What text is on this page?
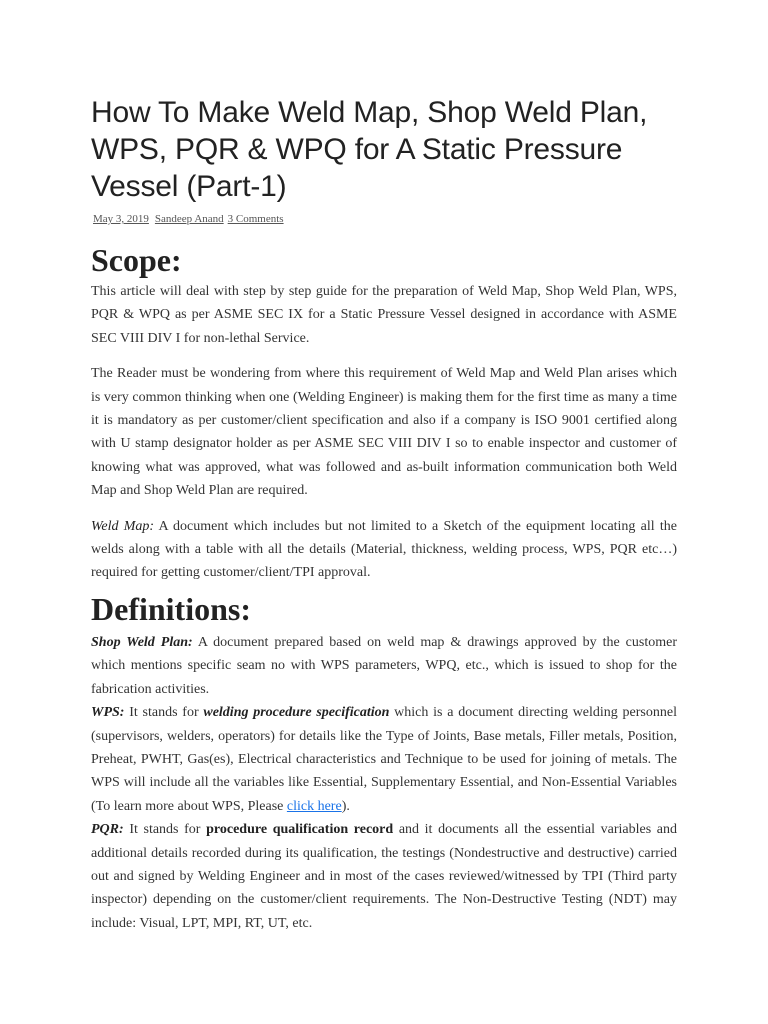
How To Make Weld Map, Shop Weld Plan, WPS, PQR & WPQ for A Static Pressure Vessel (Part-1)
May 3, 2019 Sandeep Anand 3 Comments
Scope:

This article will deal with step by step guide for the preparation of Weld Map, Shop Weld Plan, WPS, PQR & WPQ as per ASME SEC IX for a Static Pressure Vessel designed in accordance with ASME SEC VIII DIV I for non-lethal Service.

The Reader must be wondering from where this requirement of Weld Map and Weld Plan arises which is very common thinking when one (Welding Engineer) is making them for the first time as many a time it is mandatory as per customer/client specification and also if a company is ISO 9001 certified along with U stamp designator holder as per ASME SEC VIII DIV I so to enable inspector and customer of knowing what was approved, what was followed and as-built information communication both Weld Map and Shop Weld Plan are required.

Weld Map: A document which includes but not limited to a Sketch of the equipment locating all the welds along with a table with all the details (Material, thickness, welding process, WPS, PQR etc…) required for getting customer/client/TPI approval.

Definitions:

Shop Weld Plan: A document prepared based on weld map & drawings approved by the customer which mentions specific seam no with WPS parameters, WPQ, etc., which is issued to shop for the fabrication activities.

WPS: It stands for welding procedure specification which is a document directing welding personnel (supervisors, welders, operators) for details like the Type of Joints, Base metals, Filler metals, Position, Preheat, PWHT, Gas(es), Electrical characteristics and Technique to be used for joining of metals. The WPS will include all the variables like Essential, Supplementary Essential, and Non-Essential Variables (To learn more about WPS, Please click here).

PQR: It stands for procedure qualification record and it documents all the essential variables and additional details recorded during its qualification, the testings (Nondestructive and destructive) carried out and signed by Welding Engineer and in most of the cases reviewed/witnessed by TPI (Third party inspector) depending on the customer/client requirements. The Non-Destructive Testing (NDT) may include: Visual, LPT, MPI, RT, UT, etc.
